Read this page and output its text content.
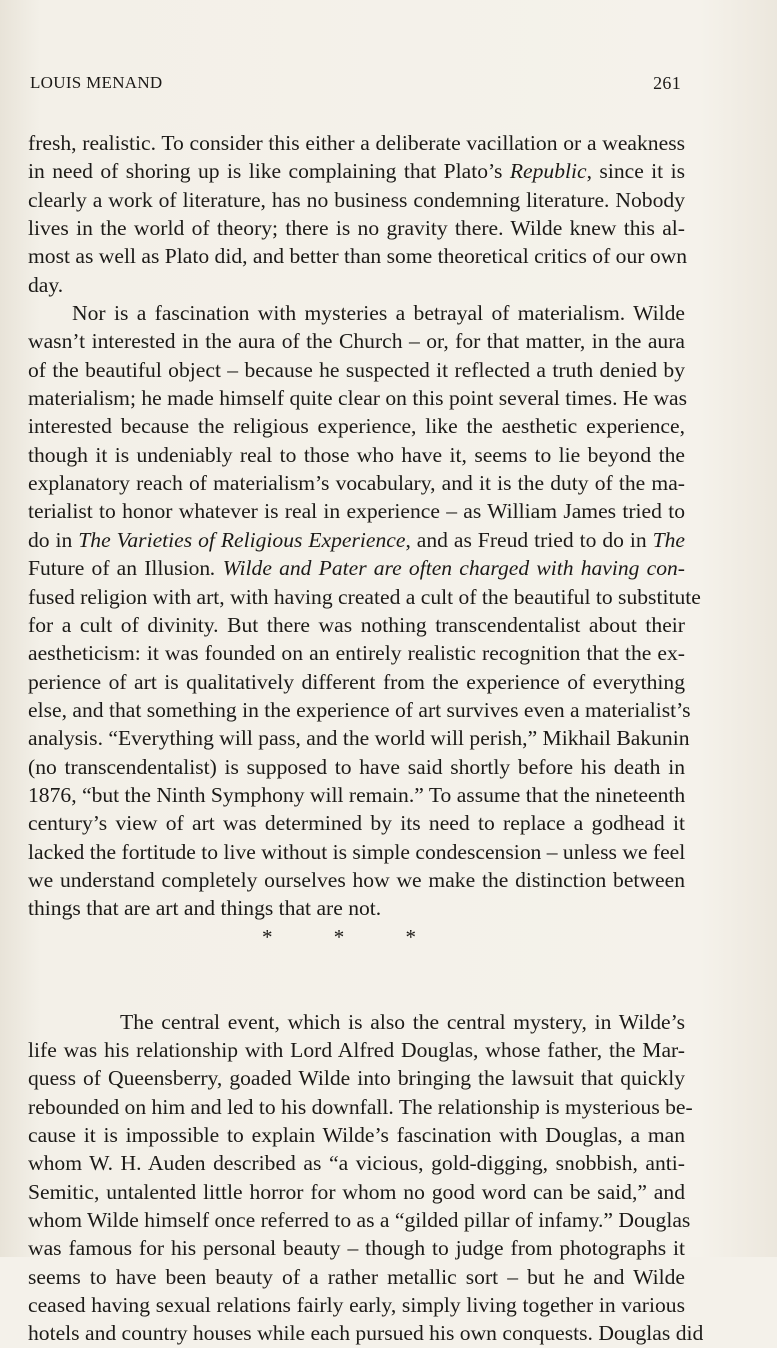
LOUIS MENAND	261
fresh, realistic. To consider this either a deliberate vacillation or a weakness
in need of shoring up is like complaining that Plato’s Republic, since it is
clearly a work of literature, has no business condemning literature. Nobody
lives in the world of theory; there is no gravity there. Wilde knew this al-
most as well as Plato did, and better than some theoretical critics of our own
day.
Nor is a fascination with mysteries a betrayal of materialism. Wilde
wasn’t interested in the aura of the Church – or, for that matter, in the aura
of the beautiful object – because he suspected it reflected a truth denied by
materialism; he made himself quite clear on this point several times. He was
interested because the religious experience, like the aesthetic experience,
though it is undeniably real to those who have it, seems to lie beyond the
explanatory reach of materialism’s vocabulary, and it is the duty of the ma-
terialist to honor whatever is real in experience – as William James tried to
do in The Varieties of Religious Experience, and as Freud tried to do in The
Future of an Illusion. Wilde and Pater are often charged with having con-
fused religion with art, with having created a cult of the beautiful to substitute
for a cult of divinity. But there was nothing transcendentalist about their
aestheticism: it was founded on an entirely realistic recognition that the ex-
perience of art is qualitatively different from the experience of everything
else, and that something in the experience of art survives even a materialist’s
analysis. “Everything will pass, and the world will perish,” Mikhail Bakunin
(no transcendentalist) is supposed to have said shortly before his death in
1876, “but the Ninth Symphony will remain.” To assume that the nineteenth
century’s view of art was determined by its need to replace a godhead it
lacked the fortitude to live without is simple condescension – unless we feel
we understand completely ourselves how we make the distinction between
things that are art and things that are not.
*	*	*
The central event, which is also the central mystery, in Wilde’s
life was his relationship with Lord Alfred Douglas, whose father, the Mar-
quess of Queensberry, goaded Wilde into bringing the lawsuit that quickly
rebounded on him and led to his downfall. The relationship is mysterious be-
cause it is impossible to explain Wilde’s fascination with Douglas, a man
whom W. H. Auden described as “a vicious, gold-digging, snobbish, anti-
Semitic, untalented little horror for whom no good word can be said,” and
whom Wilde himself once referred to as a “gilded pillar of infamy.” Douglas
was famous for his personal beauty – though to judge from photographs it
seems to have been beauty of a rather metallic sort – but he and Wilde
ceased having sexual relations fairly early, simply living together in various
hotels and country houses while each pursued his own conquests. Douglas did
